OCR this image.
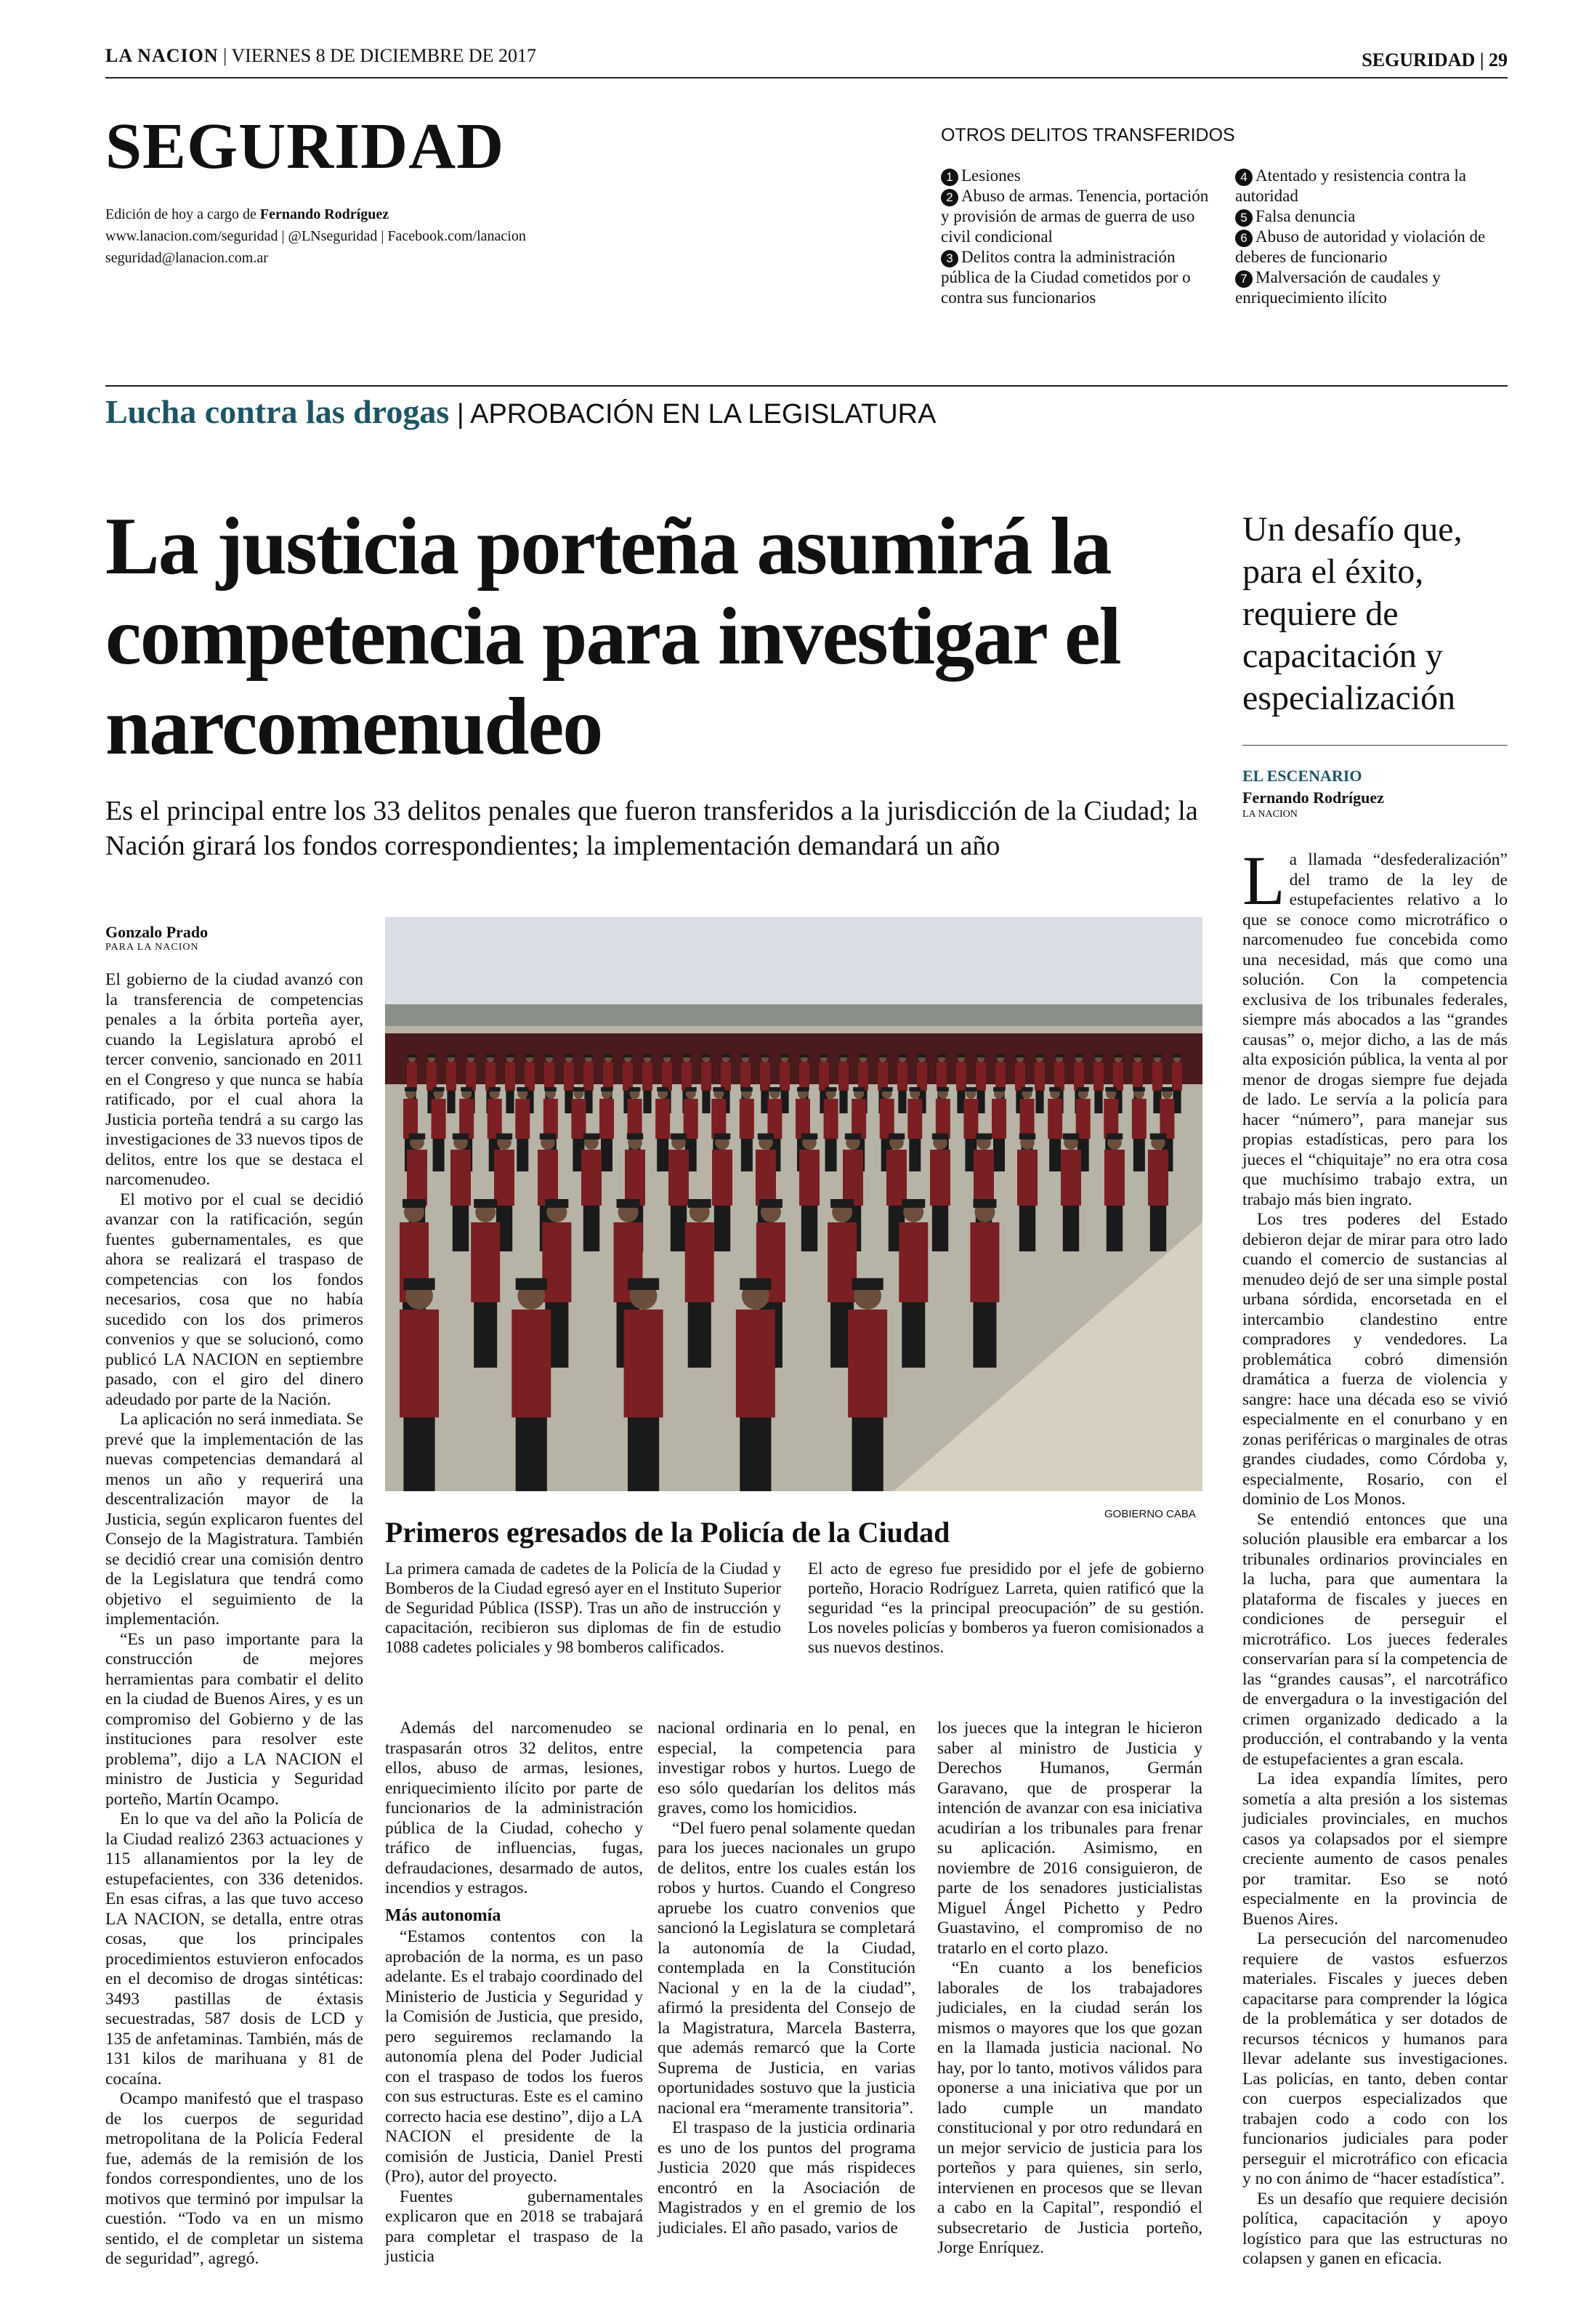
LA NACION | VIERNES 8 DE DICIEMBRE DE 2017	SEGURIDAD | 29
SEGURIDAD
Edición de hoy a cargo de Fernando Rodríguez
www.lanacion.com/seguridad | @LNseguridad | Facebook.com/lanacion
seguridad@lanacion.com.ar
OTROS DELITOS TRANSFERIDOS

1 Lesiones

2 Abuso de armas. Tenencia, portación y provisión de armas de guerra de uso civil condicional

3 Delitos contra la administración pública de la Ciudad cometidos por o contra sus funcionarios

4 Atentado y resistencia contra la autoridad

5 Falsa denuncia

6 Abuso de autoridad y violación de deberes de funcionario

7 Malversación de caudales y enriquecimiento ilícito

Lucha contra las drogas | APROBACIÓN EN LA LEGISLATURA
La justicia porteña asumirá la competencia para investigar el narcomenudeo
Es el principal entre los 33 delitos penales que fueron transferidos a la jurisdicción de la Ciudad; la Nación girará los fondos correspondientes; la implementación demandará un año
Un desafío que, para el éxito, requiere de capacitación y especialización
EL ESCENARIO
Fernando Rodríguez
LA NACION
Gonzalo Prado
PARA LA NACION

El gobierno de la ciudad avanzó con la transferencia de competencias penales a la órbita porteña ayer, cuando la Legislatura aprobó el tercer convenio, sancionado en 2011 en el Congreso y que nunca se había ratificado, por el cual ahora la Justicia porteña tendrá a su cargo las investigaciones de 33 nuevos tipos de delitos, entre los que se destaca el narcomenudeo.

El motivo por el cual se decidió avanzar con la ratificación, según fuentes gubernamentales, es que ahora se realizará el traspaso de competencias con los fondos necesarios, cosa que no había sucedido con los dos primeros convenios y que se solucionó, como publicó LA NACION en septiembre pasado, con el giro del dinero adeudado por parte de la Nación.

La aplicación no será inmediata. Se prevé que la implementación de las nuevas competencias demandará al menos un año y requerirá una descentralización mayor de la Justicia, según explicaron fuentes del Consejo de la Magistratura. También se decidió crear una comisión dentro de la Legislatura que tendrá como objetivo el seguimiento de la implementación.

“Es un paso importante para la construcción de mejores herramientas para combatir el delito en la ciudad de Buenos Aires, y es un compromiso del Gobierno y de las instituciones para resolver este problema”, dijo a LA NACION el ministro de Justicia y Seguridad porteño, Martín Ocampo.

En lo que va del año la Policía de la Ciudad realizó 2363 actuaciones y 115 allanamientos por la ley de estupefacientes, con 336 detenidos. En esas cifras, a las que tuvo acceso LA NACION, se detalla, entre otras cosas, que los principales procedimientos estuvieron enfocados en el decomiso de drogas sintéticas: 3493 pastillas de éxtasis secuestradas, 587 dosis de LCD y 135 de anfetaminas. También, más de 131 kilos de marihuana y 81 de cocaína.

Ocampo manifestó que el traspaso de los cuerpos de seguridad metropolitana de la Policía Federal fue, además de la remisión de los fondos correspondientes, uno de los motivos que terminó por impulsar la cuestión. “Todo va en un mismo sentido, el de completar un sistema de seguridad”, agregó.

GOBIERNO CABA
Primeros egresados de la Policía de la Ciudad
La primera camada de cadetes de la Policía de la Ciudad y Bomberos de la Ciudad egresó ayer en el Instituto Superior de Seguridad Pública (ISSP). Tras un año de instrucción y capacitación, recibieron sus diplomas de fin de estudio 1088 cadetes policiales y 98 bomberos calificados.
El acto de egreso fue presidido por el jefe de gobierno porteño, Horacio Rodríguez Larreta, quien ratificó que la seguridad “es la principal preocupación” de su gestión. Los noveles policías y bomberos ya fueron comisionados a sus nuevos destinos.

Además del narcomenudeo se traspasarán otros 32 delitos, entre ellos, abuso de armas, lesiones, enriquecimiento ilícito por parte de funcionarios de la administración pública de la Ciudad, cohecho y tráfico de influencias, fugas, defraudaciones, desarmado de autos, incendios y estragos.

Más autonomía

“Estamos contentos con la aprobación de la norma, es un paso adelante. Es el trabajo coordinado del Ministerio de Justicia y Seguridad y la Comisión de Justicia, que presido, pero seguiremos reclamando la autonomía plena del Poder Judicial con el traspaso de todos los fueros con sus estructuras. Este es el camino correcto hacia ese destino”, dijo a LA NACION el presidente de la comisión de Justicia, Daniel Presti (Pro), autor del proyecto.

Fuentes gubernamentales explicaron que en 2018 se trabajará para completar el traspaso de la justicia

nacional ordinaria en lo penal, en especial, la competencia para investigar robos y hurtos. Luego de eso sólo quedarían los delitos más graves, como los homicidios.

“Del fuero penal solamente quedan para los jueces nacionales un grupo de delitos, entre los cuales están los robos y hurtos. Cuando el Congreso apruebe los cuatro convenios que sancionó la Legislatura se completará la autonomía de la Ciudad, contemplada en la Constitución Nacional y en la de la ciudad”, afirmó la presidenta del Consejo de la Magistratura, Marcela Basterra, que además remarcó que la Corte Suprema de Justicia, en varias oportunidades sostuvo que la justicia nacional era “meramente transitoria”.

El traspaso de la justicia ordinaria es uno de los puntos del programa Justicia 2020 que más rispideces encontró en la Asociación de Magistrados y en el gremio de los judiciales. El año pasado, varios de

los jueces que la integran le hicieron saber al ministro de Justicia y Derechos Humanos, Germán Garavano, que de prosperar la intención de avanzar con esa iniciativa acudirían a los tribunales para frenar su aplicación. Asimismo, en noviembre de 2016 consiguieron, de parte de los senadores justicialistas Miguel Ángel Pichetto y Pedro Guastavino, el compromiso de no tratarlo en el corto plazo.

“En cuanto a los beneficios laborales de los trabajadores judiciales, en la ciudad serán los mismos o mayores que los que gozan en la llamada justicia nacional. No hay, por lo tanto, motivos válidos para oponerse a una iniciativa que por un lado cumple un mandato constitucional y por otro redundará en un mejor servicio de justicia para los porteños y para quienes, sin serlo, intervienen en procesos que se llevan a cabo en la Capital”, respondió el subsecretario de Justicia porteño, Jorge Enríquez.

La llamada “desfederalización” del tramo de la ley de estupefacientes relativo a lo que se conoce como microtráfico o narcomenudeo fue concebida como una necesidad, más que como una solución. Con la competencia exclusiva de los tribunales federales, siempre más abocados a las “grandes causas” o, mejor dicho, a las de más alta exposición pública, la venta al por menor de drogas siempre fue dejada de lado. Le servía a la policía para hacer “número”, para manejar sus propias estadísticas, pero para los jueces el “chiquitaje” no era otra cosa que muchísimo trabajo extra, un trabajo más bien ingrato.

Los tres poderes del Estado debieron dejar de mirar para otro lado cuando el comercio de sustancias al menudeo dejó de ser una simple postal urbana sórdida, encorsetada en el intercambio clandestino entre compradores y vendedores. La problemática cobró dimensión dramática a fuerza de violencia y sangre: hace una década eso se vivió especialmente en el conurbano y en zonas periféricas o marginales de otras grandes ciudades, como Córdoba y, especialmente, Rosario, con el dominio de Los Monos.

Se entendió entonces que una solución plausible era embarcar a los tribunales ordinarios provinciales en la lucha, para que aumentara la plataforma de fiscales y jueces en condiciones de perseguir el microtráfico. Los jueces federales conservarían para sí la competencia de las “grandes causas”, el narcotráfico de envergadura o la investigación del crimen organizado dedicado a la producción, el contrabando y la venta de estupefacientes a gran escala.

La idea expandía límites, pero sometía a alta presión a los sistemas judiciales provinciales, en muchos casos ya colapsados por el siempre creciente aumento de casos penales por tramitar. Eso se notó especialmente en la provincia de Buenos Aires.

La persecución del narcomenudeo requiere de vastos esfuerzos materiales. Fiscales y jueces deben capacitarse para comprender la lógica de la problemática y ser dotados de recursos técnicos y humanos para llevar adelante sus investigaciones. Las policías, en tanto, deben contar con cuerpos especializados que trabajen codo a codo con los funcionarios judiciales para poder perseguir el microtráfico con eficacia y no con ánimo de “hacer estadística”.

Es un desafío que requiere decisión política, capacitación y apoyo logístico para que las estructuras no colapsen y ganen en eficacia.
